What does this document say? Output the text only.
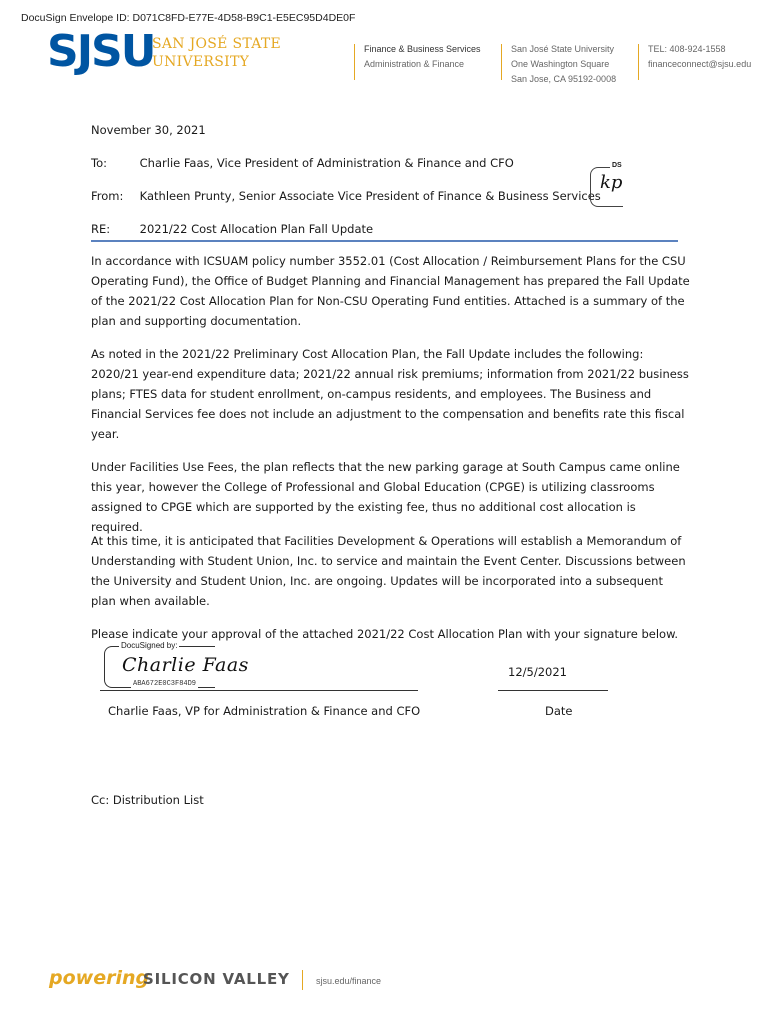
DocuSign Envelope ID: D071C8FD-E77E-4D58-B9C1-E5EC95D4DE0F
SJSU
SAN JOSÉ STATE
UNIVERSITY
Finance & Business Services
Administration & Finance
San José State University
One Washington Square
San Jose, CA 95192-0008
TEL: 408-924-1558
financeconnect@sjsu.edu
November 30, 2021
To:	Charlie Faas, Vice President of Administration & Finance and CFO
From: Kathleen Prunty, Senior Associate Vice President of Finance & Business Services
DS
kp
RE:	2021/22 Cost Allocation Plan Fall Update
In accordance with ICSUAM policy number 3552.01 (Cost Allocation / Reimbursement Plans for the CSU Operating Fund), the Office of Budget Planning and Financial Management has prepared the Fall Update of the 2021/22 Cost Allocation Plan for Non-CSU Operating Fund entities. Attached is a summary of the plan and supporting documentation.
As noted in the 2021/22 Preliminary Cost Allocation Plan, the Fall Update includes the following: 2020/21 year-end expenditure data; 2021/22 annual risk premiums; information from 2021/22 business plans; FTES data for student enrollment, on-campus residents, and employees. The Business and Financial Services fee does not include an adjustment to the compensation and benefits rate this fiscal year.
Under Facilities Use Fees, the plan reflects that the new parking garage at South Campus came online this year, however the College of Professional and Global Education (CPGE) is utilizing classrooms assigned to CPGE which are supported by the existing fee, thus no additional cost allocation is required.
At this time, it is anticipated that Facilities Development & Operations will establish a Memorandum of Understanding with Student Union, Inc. to service and maintain the Event Center. Discussions between the University and Student Union, Inc. are ongoing. Updates will be incorporated into a subsequent plan when available.
Please indicate your approval of the attached 2021/22 Cost Allocation Plan with your signature below.
DocuSigned by:
Charlie Faas
ABA672E0C3F84D9
12/5/2021
Charlie Faas, VP for Administration & Finance and CFO	Date
Cc: Distribution List
powering
SILICON VALLEY	sjsu.edu/finance
